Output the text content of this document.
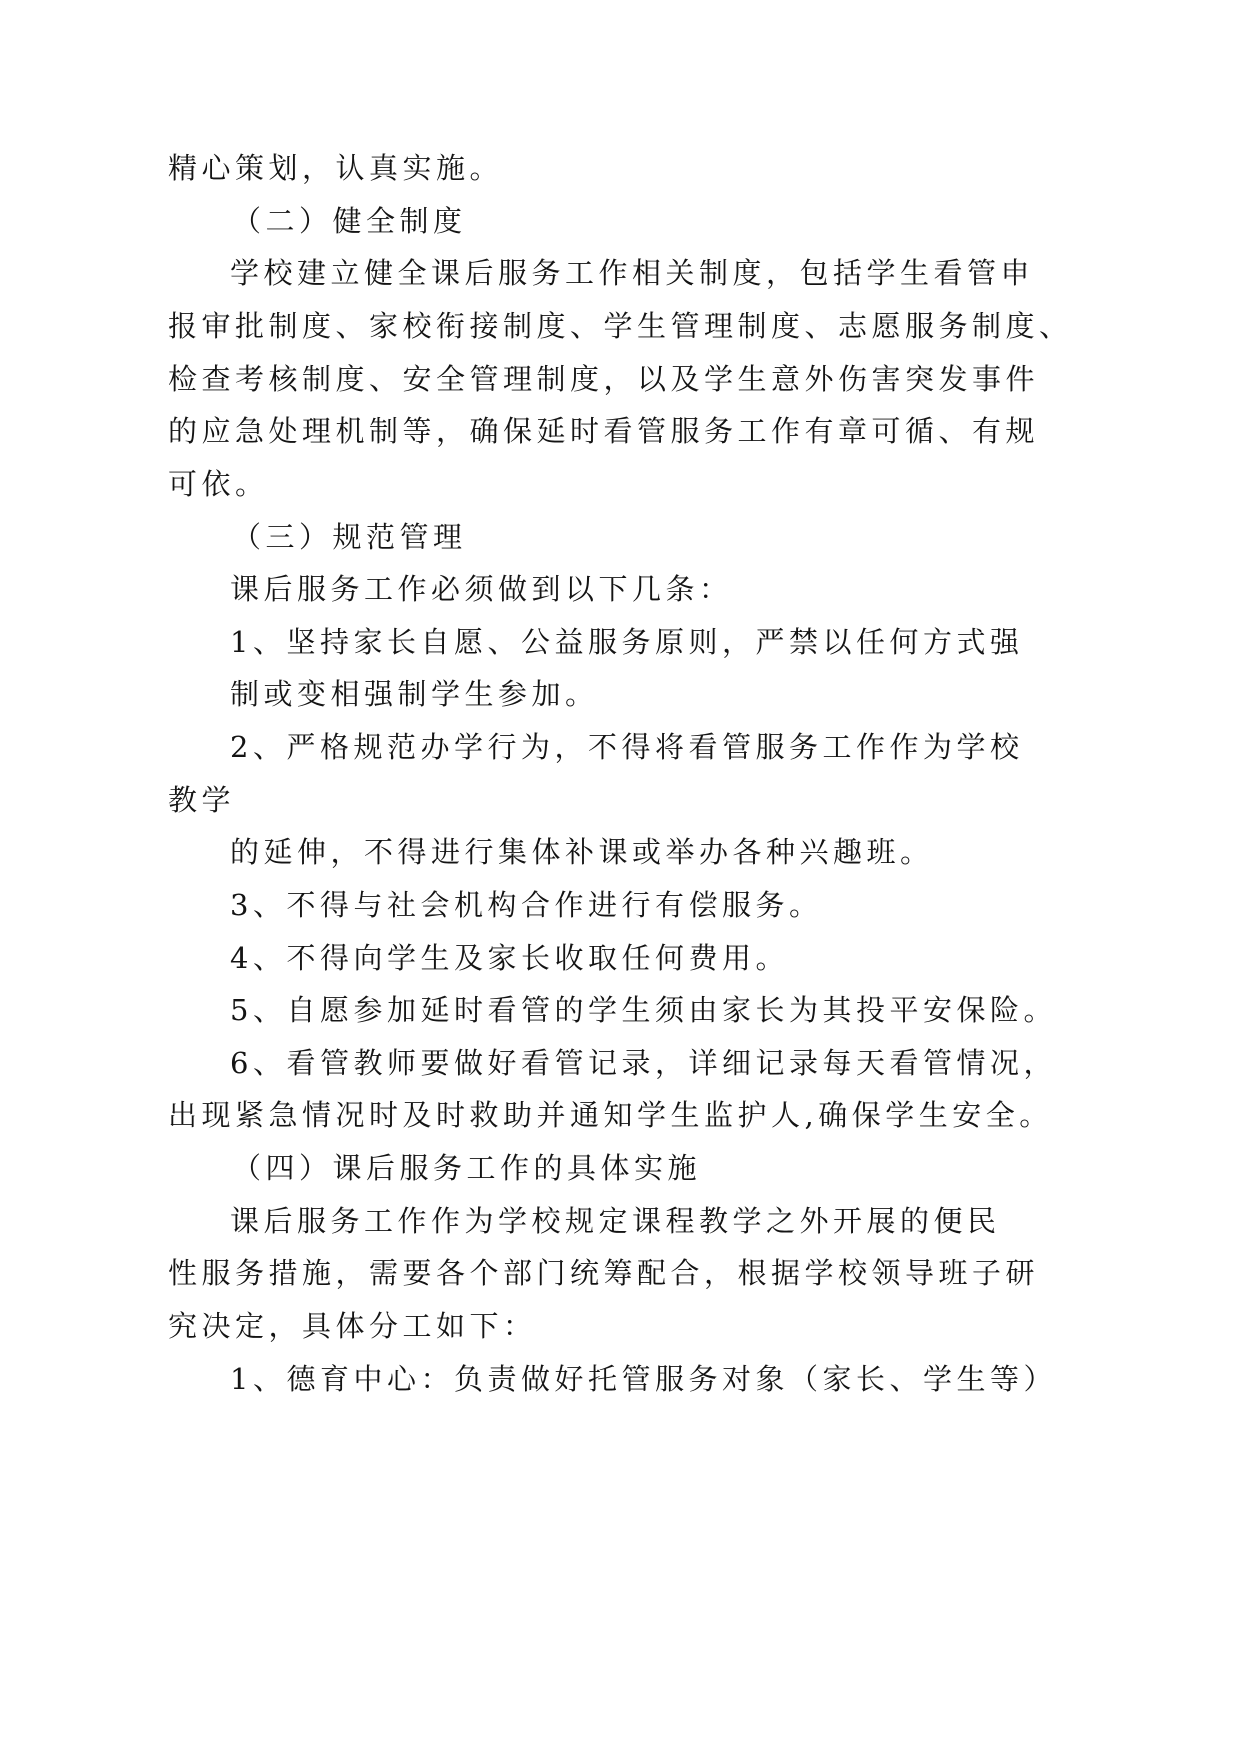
精心策划，认真实施。
（二）健全制度
学校建立健全课后服务工作相关制度，包括学生看管申
报审批制度、家校衔接制度、学生管理制度、志愿服务制度、
检查考核制度、安全管理制度，以及学生意外伤害突发事件
的应急处理机制等，确保延时看管服务工作有章可循、有规
可依。
（三）规范管理
课后服务工作必须做到以下几条：
1、坚持家长自愿、公益服务原则，严禁以任何方式强
制或变相强制学生参加。
2、严格规范办学行为，不得将看管服务工作作为学校
教学
的延伸，不得进行集体补课或举办各种兴趣班。
3、不得与社会机构合作进行有偿服务。
4、不得向学生及家长收取任何费用。
5、自愿参加延时看管的学生须由家长为其投平安保险。
6、看管教师要做好看管记录，详细记录每天看管情况，
出现紧急情况时及时救助并通知学生监护人,确保学生安全。
（四）课后服务工作的具体实施
课后服务工作作为学校规定课程教学之外开展的便民
性服务措施，需要各个部门统筹配合，根据学校领导班子研
究决定，具体分工如下：
1、德育中心：负责做好托管服务对象（家长、学生等）
